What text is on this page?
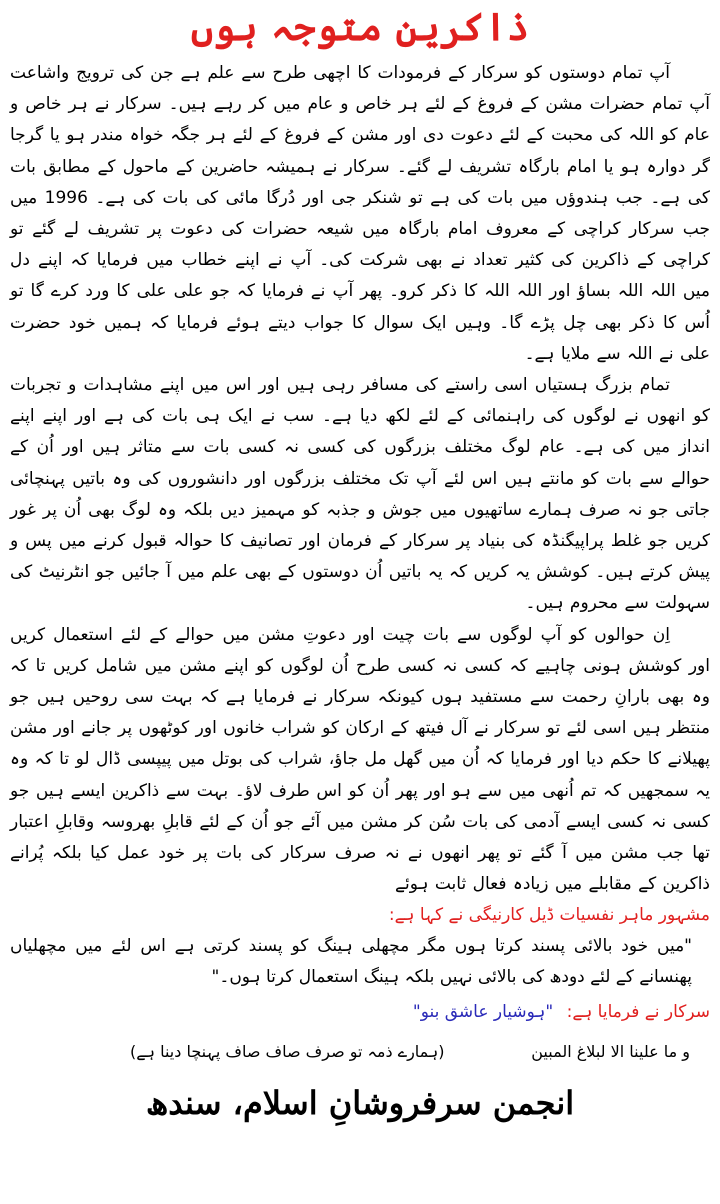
ذاکرین متوجہ ہوں

آپ تمام دوستوں کو سرکار کے فرمودات کا اچھی طرح سے علم ہے جن کی ترویج واشاعت آپ تمام حضرات مشن کے فروغ کے لئے ہر خاص و عام میں کر رہے ہیں۔ سرکار نے ہر خاص و عام کو اللہ کی محبت کے لئے دعوت دی اور مشن کے فروغ کے لئے ہر جگہ خواہ مندر ہو یا گرجا گر دوارہ ہو یا امام بارگاہ تشریف لے گئے۔ سرکار نے ہمیشہ حاضرین کے ماحول کے مطابق بات کی ہے۔ جب ہندوؤں میں بات کی ہے تو شنکر جی اور دُرگا مائی کی بات کی ہے۔ 1996 میں جب سرکار کراچی کے معروف امام بارگاہ میں شیعہ حضرات کی دعوت پر تشریف لے گئے تو کراچی کے ذاکرین کی کثیر تعداد نے بھی شرکت کی۔ آپ نے اپنے خطاب میں فرمایا کہ اپنے دل میں اللہ اللہ بساؤ اور اللہ اللہ کا ذکر کرو۔ پھر آپ نے فرمایا کہ جو علی علی کا ورد کرے گا تو اُس کا ذکر بھی چل پڑے گا۔ وہیں ایک سوال کا جواب دیتے ہوئے فرمایا کہ ہمیں خود حضرت علی نے اللہ سے ملایا ہے۔

تمام بزرگ ہستیاں اسی راستے کی مسافر رہی ہیں اور اس میں اپنے مشاہدات و تجربات کو انھوں نے لوگوں کی راہنمائی کے لئے لکھ دیا ہے۔ سب نے ایک ہی بات کی ہے اور اپنے اپنے انداز میں کی ہے۔ عام لوگ مختلف بزرگوں کی کسی نہ کسی بات سے متاثر ہیں اور اُن کے حوالے سے بات کو مانتے ہیں اس لئے آپ تک مختلف بزرگوں اور دانشوروں کی وہ باتیں پہنچائی جاتی جو نہ صرف ہمارے ساتھیوں میں جوش و جذبہ کو مہمیز دیں بلکہ وہ لوگ بھی اُن پر غور کریں جو غلط پراپیگنڈہ کی بنیاد پر سرکار کے فرمان اور تصانیف کا حوالہ قبول کرنے میں پس و پیش کرتے ہیں۔ کوشش یہ کریں کہ یہ باتیں اُن دوستوں کے بھی علم میں آ جائیں جو انٹرنیٹ کی سہولت سے محروم ہیں۔

اِن حوالوں کو آپ لوگوں سے بات چیت اور دعوتِ مشن میں حوالے کے لئے استعمال کریں اور کوشش ہونی چاہیے کہ کسی نہ کسی طرح اُن لوگوں کو اپنے مشن میں شامل کریں تا کہ وہ بھی بارانِ رحمت سے مستفید ہوں کیونکہ سرکار نے فرمایا ہے کہ بہت سی روحیں ہیں جو منتظر ہیں اسی لئے تو سرکار نے آل فیتھ کے ارکان کو شراب خانوں اور کوٹھوں پر جانے اور مشن پھیلانے کا حکم دیا اور فرمایا کہ اُن میں گھل مل جاؤ، شراب کی بوتل میں پیپسی ڈال لو تا کہ وہ یہ سمجھیں کہ تم اُنھی میں سے ہو اور پھر اُن کو اس طرف لاؤ۔ بہت سے ذاکرین ایسے ہیں جو کسی نہ کسی ایسے آدمی کی بات سُن کر مشن میں آئے جو اُن کے لئے قابلِ بھروسہ وقابلِ اعتبار تھا جب مشن میں آ گئے تو پھر انھوں نے نہ صرف سرکار کی بات پر خود عمل کیا بلکہ پُرانے ذاکرین کے مقابلے میں زیادہ فعال ثابت ہوئے

مشہور ماہر نفسیات ڈیل کارنیگی نے کہا ہے:

"میں خود بالائی پسند کرتا ہوں مگر مچھلی ہینگ کو پسند کرتی ہے اس لئے میں مچھلیاں پھنسانے کے لئے دودھ کی بالائی نہیں بلکہ ہینگ استعمال کرتا ہوں۔"

سرکار نے فرمایا ہے: "ہوشیار عاشق بنو"

و ما علینا الا لبلاغ المبین
(ہمارے ذمہ تو صرف صاف صاف پہنچا دینا ہے)
انجمن سرفروشانِ اسلام، سندھ
